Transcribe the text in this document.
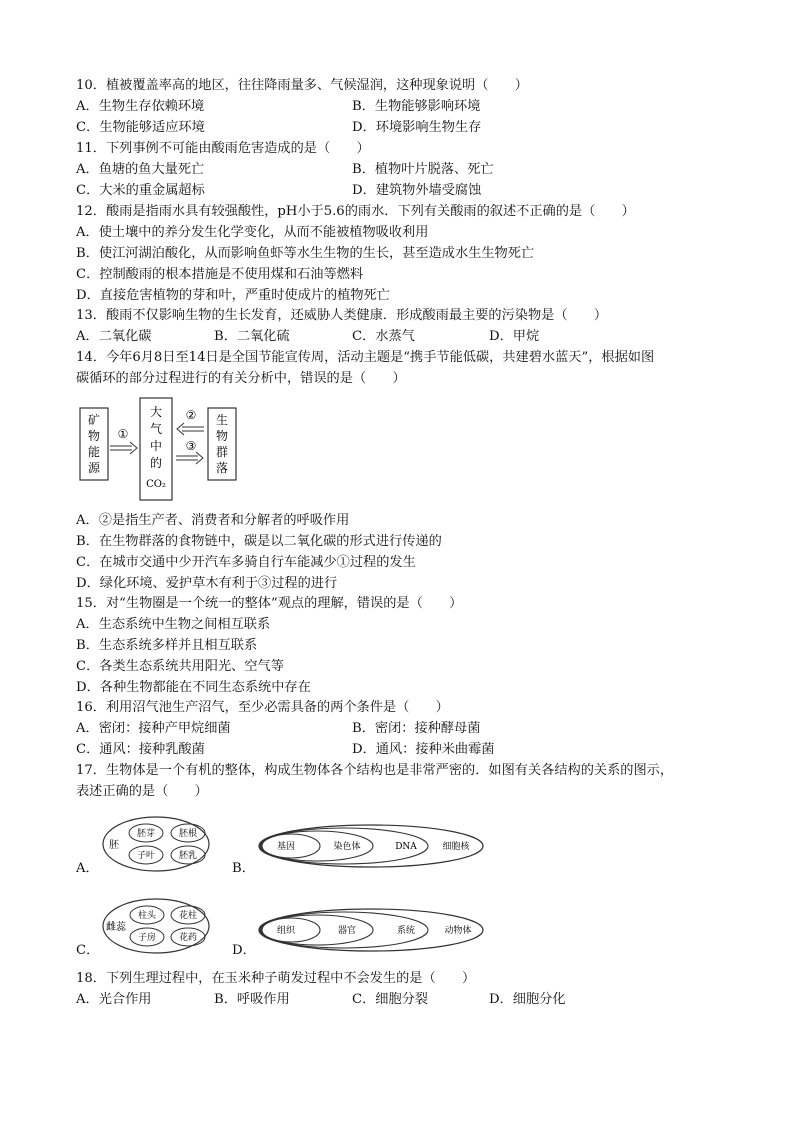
10．植被覆盖率高的地区，往往降雨量多、气候湿润，这种现象说明（　　）
A．生物生存依赖环境	B．生物能够影响环境
C．生物能够适应环境	D．环境影响生物生存
11．下列事例不可能由酸雨危害造成的是（　　）
A．鱼塘的鱼大量死亡	B．植物叶片脱落、死亡
C．大米的重金属超标	D．建筑物外墙受腐蚀
12．酸雨是指雨水具有较强酸性，pH小于5.6的雨水．下列有关酸雨的叙述不正确的是（　　）
A．使土壤中的养分发生化学变化，从而不能被植物吸收利用
B．使江河湖泊酸化，从而影响鱼虾等水生生物的生长，甚至造成水生生物死亡
C．控制酸雨的根本措施是不使用煤和石油等燃料
D．直接危害植物的芽和叶，严重时使成片的植物死亡
13．酸雨不仅影响生物的生长发育，还威胁人类健康．形成酸雨最主要的污染物是（　　）
A．二氧化碳	B．二氧化硫	C．水蒸气	D．甲烷
14．今年6月8日至14日是全国节能宣传周，活动主题是“携手节能低碳，共建碧水蓝天”，根据如图
碳循环的部分过程进行的有关分析中，错误的是（　　）
矿
物
能
源
大
气
中
的
CO₂
生
物
群
落
①
②
③
A．②是指生产者、消费者和分解者的呼吸作用
B．在生物群落的食物链中，碳是以二氧化碳的形式进行传递的
C．在城市交通中少开汽车多骑自行车能减少①过程的发生
D．绿化环境、爱护草木有利于③过程的进行
15．对“生物圈是一个统一的整体”观点的理解，错误的是（　　）
A．生态系统中生物之间相互联系
B．生态系统多样并且相互联系
C．各类生态系统共用阳光、空气等
D．各种生物都能在不同生态系统中存在
16．利用沼气池生产沼气，至少必需具备的两个条件是（　　）
A．密闭：接种产甲烷细菌	B．密闭：接种酵母菌
C．通风：接种乳酸菌	D．通风：接种米曲霉菌
17．生物体是一个有机的整体，构成生物体各个结构也是非常严密的．如图有关各结构的关系的图示，
表述正确的是（　　）
A．
胚
胚芽	胚根
子叶	胚乳
B．
基因	染色体	DNA	细胞核
C．
雌蕊
柱头	花柱
子房	花药
D．
组织	器官	系统	动物体
18．下列生理过程中，在玉米种子萌发过程中不会发生的是（　　）
A．光合作用	B．呼吸作用	C．细胞分裂	D．细胞分化
